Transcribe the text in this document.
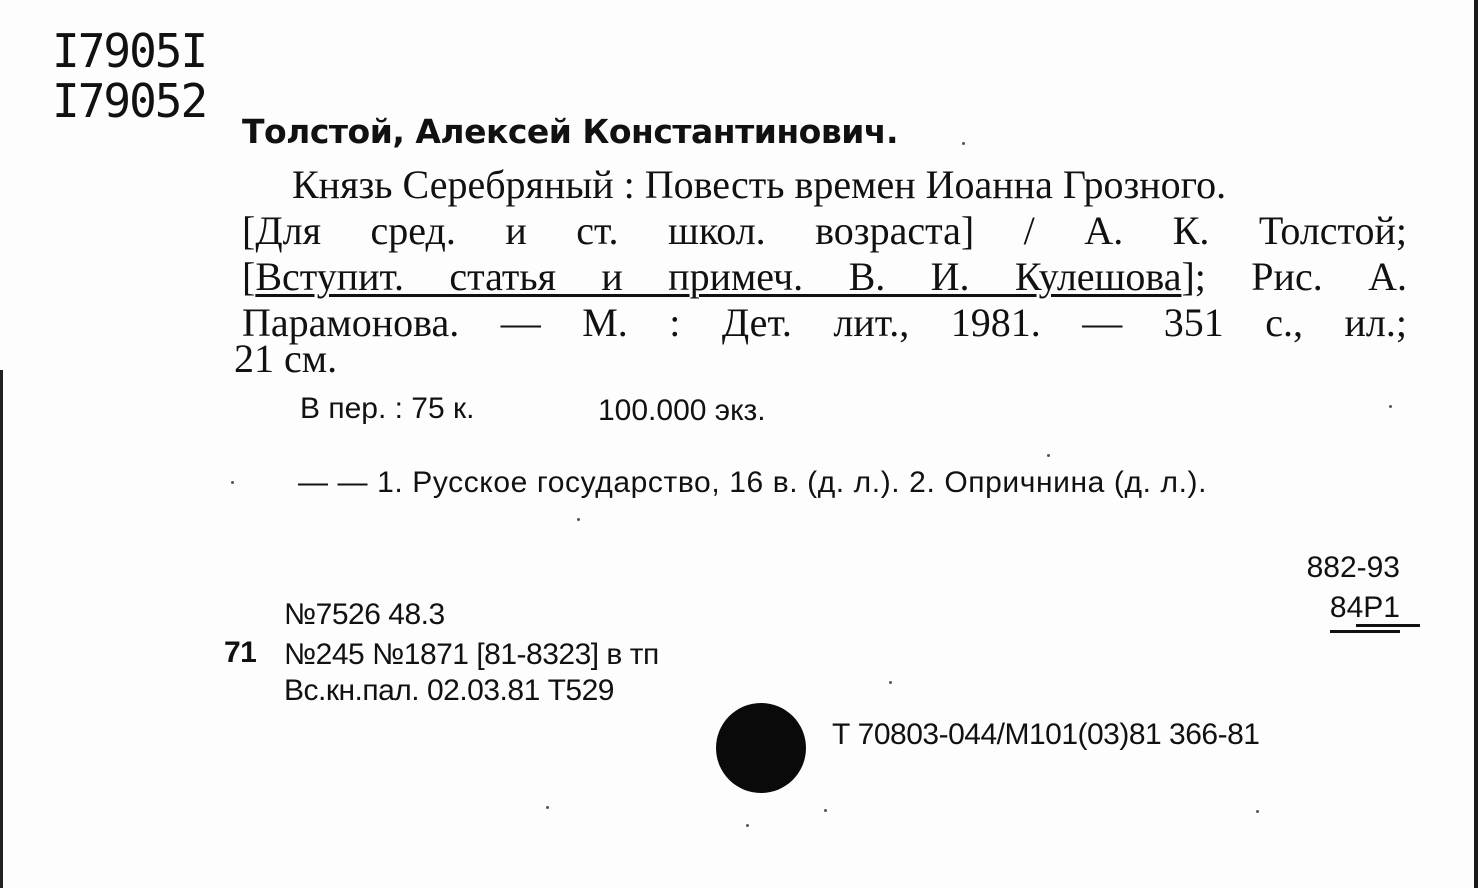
I7905I
I79052
Толстой, Алексей Константинович.
Князь Серебряный : Повесть времен Иоанна Грозного.
[Для сред. и ст. школ. возраста] / А. К. Толстой;
[Вступит. статья и примеч. В. И. Кулешова]; Рис. А.
Парамонова. — М. : Дет. лит., 1981. — 351 с., ил.;
21 см.
В пер. : 75 к.	100.000 экз.
— — 1. Русское государство, 16 в. (д. л.). 2. Опричнина (д. л.).
882-93
84Р1
№7526 48.3
71 №245 №1871 [81-8323] в тп
Вс.кн.пал. 02.03.81 Т529
Т 70803-044/М101(03)81 366-81
